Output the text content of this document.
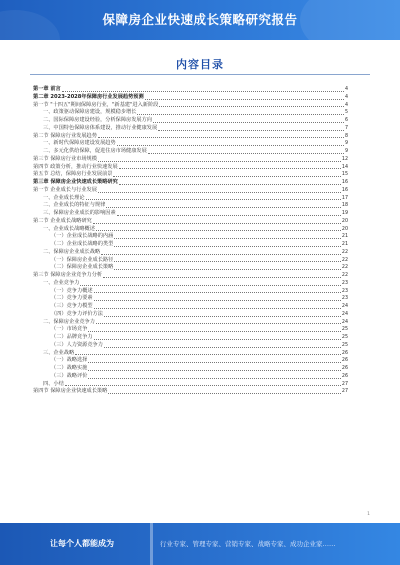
保障房企业快速成长策略研究报告
内容目录
第一章 前言	4
第二章 2023-2028年保障房行业发展趋势预测	4
第一节 "十四五"期间保障房行业，"新基建"进入新阶段	4
一、政策驱动保障房建设，规模稳步增长	5
二、国际保障房建设经验，分析保障房发展方向	6
三、中国特色保障房体系建设，推动行业健康发展	7
第二节 保障房行业发展趋势	8
一、新时代保障房建设发展趋势	9
二、多元化供给保障，促进住房市场健康发展	9
第三节 保障房行业市场规模	12
第四节 政策分析，推动行业快速发展	14
第五节 总结，保障房行业发展前景	15
第三章 保障房企业快速成长策略研究	16
第一节 企业成长与行业发展	16
一、企业成长理论	17
二、企业成长的特征与规律	18
三、保障房企业成长的影响因素	19
第二节 企业成长战略研究	20
一、企业成长战略概述	20
（一）企业成长战略的内涵	21
（二）企业成长战略的类型	21
二、保障房企业成长战略	22
（一）保障房企业成长路径	22
（二）保障房企业成长策略	22
第三节 保障房企业竞争力分析	22
一、企业竞争力	23
（一）竞争力概述	23
（二）竞争力要素	23
（三）竞争力模型	24
（四）竞争力评价方法	24
二、保障房企业竞争力	24
（一）市场竞争	25
（二）品牌竞争力	25
（三）人力资源竞争力	25
三、企业战略	26
（一）战略选择	26
（二）战略实施	26
（三）战略评价	26
四、小结	27
第四节 保障房企业快速成长策略	27
1
让每个人都能成为	行业专家、管理专家、营销专家、战略专家、成功企业家……
